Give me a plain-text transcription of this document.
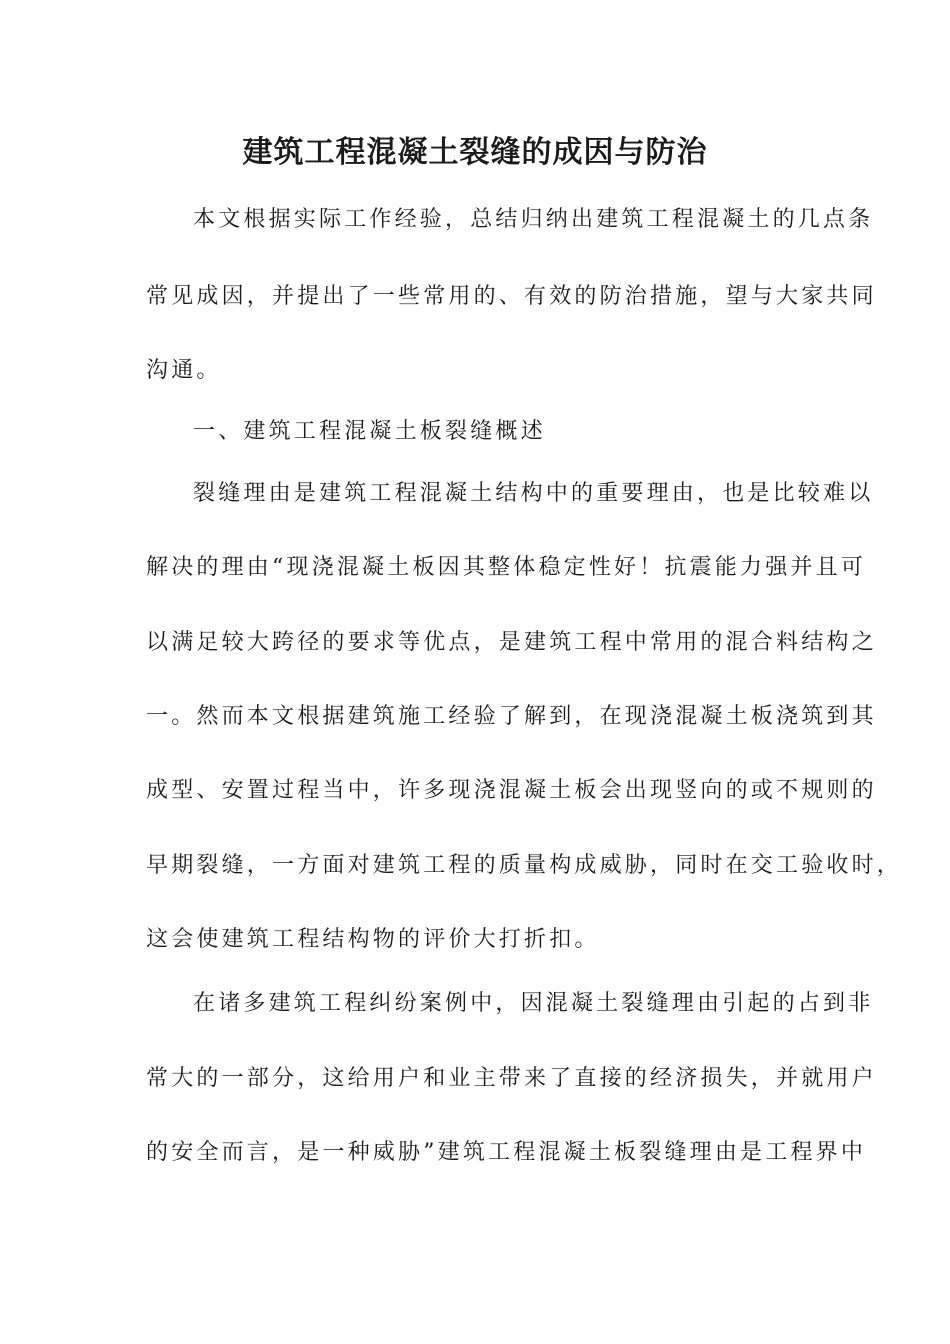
建筑工程混凝土裂缝的成因与防治

本文根据实际工作经验，总结归纳出建筑工程混凝土的几点条

常见成因，并提出了一些常用的、有效的防治措施，望与大家共同

沟通。

一、建筑工程混凝土板裂缝概述

裂缝理由是建筑工程混凝土结构中的重要理由，也是比较难以

解决的理由“现浇混凝土板因其整体稳定性好！抗震能力强并且可

以满足较大跨径的要求等优点，是建筑工程中常用的混合料结构之

一。然而本文根据建筑施工经验了解到，在现浇混凝土板浇筑到其

成型、安置过程当中，许多现浇混凝土板会出现竖向的或不规则的

早期裂缝，一方面对建筑工程的质量构成威胁，同时在交工验收时，

这会使建筑工程结构物的评价大打折扣。

在诸多建筑工程纠纷案例中，因混凝土裂缝理由引起的占到非

常大的一部分，这给用户和业主带来了直接的经济损失，并就用户

的安全而言，是一种威胁”建筑工程混凝土板裂缝理由是工程界中
